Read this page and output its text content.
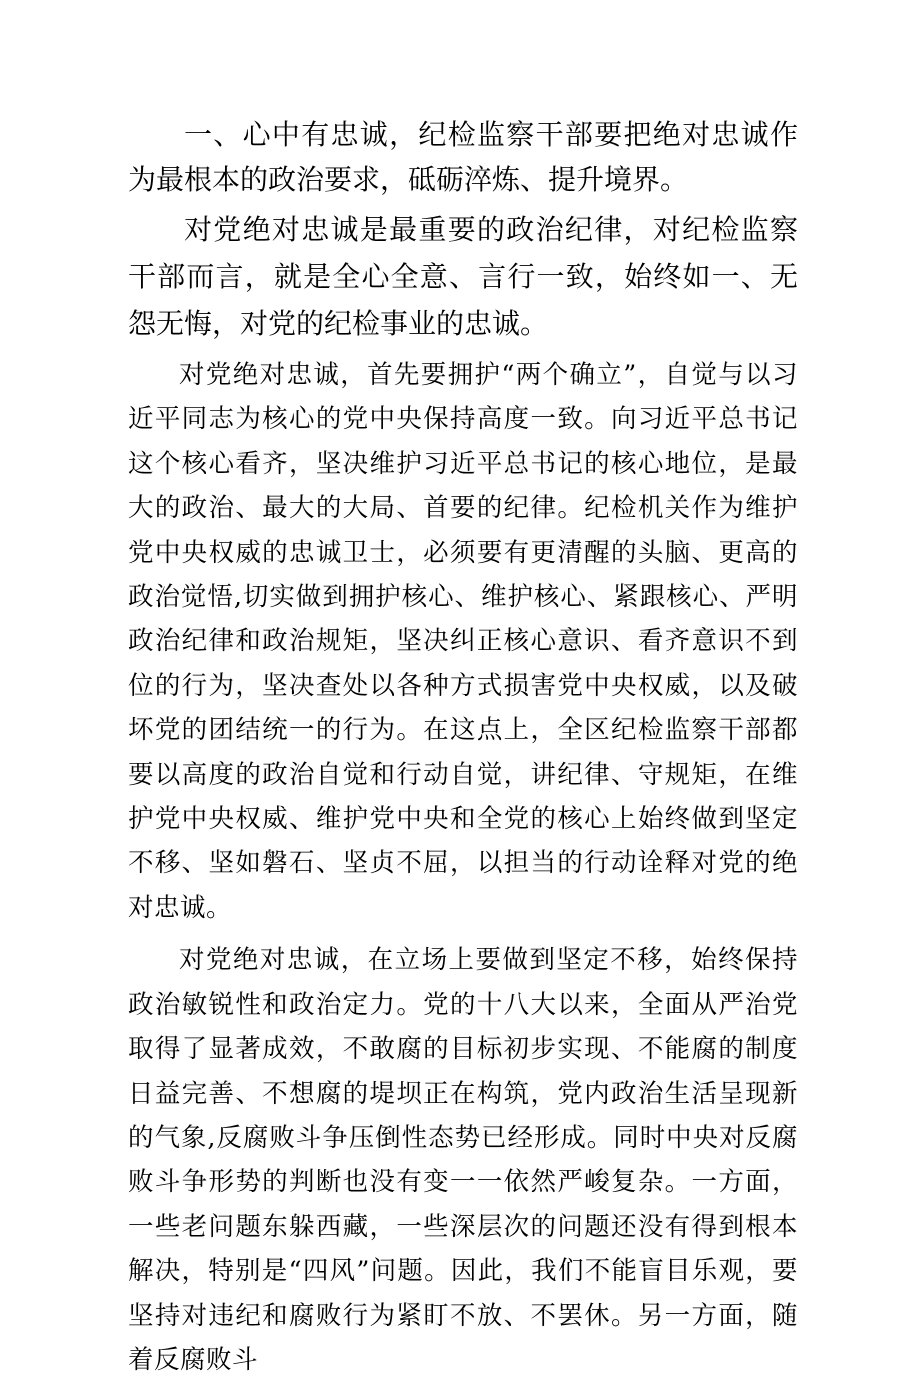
一、心中有忠诚，纪检监察干部要把绝对忠诚作为最根本的政治要求，砥砺淬炼、提升境界。

对党绝对忠诚是最重要的政治纪律，对纪检监察干部而言，就是全心全意、言行一致，始终如一、无怨无悔，对党的纪检事业的忠诚。

对党绝对忠诚，首先要拥护“两个确立”，自觉与以习近平同志为核心的党中央保持高度一致。向习近平总书记这个核心看齐，坚决维护习近平总书记的核心地位，是最大的政治、最大的大局、首要的纪律。纪检机关作为维护党中央权威的忠诚卫士，必须要有更清醒的头脑、更高的政治觉悟,切实做到拥护核心、维护核心、紧跟核心、严明政治纪律和政治规矩，坚决纠正核心意识、看齐意识不到位的行为，坚决查处以各种方式损害党中央权威，以及破坏党的团结统一的行为。在这点上，全区纪检监察干部都要以高度的政治自觉和行动自觉，讲纪律、守规矩，在维护党中央权威、维护党中央和全党的核心上始终做到坚定不移、坚如磐石、坚贞不屈，以担当的行动诠释对党的绝对忠诚。

对党绝对忠诚，在立场上要做到坚定不移，始终保持政治敏锐性和政治定力。党的十八大以来，全面从严治党取得了显著成效，不敢腐的目标初步实现、不能腐的制度日益完善、不想腐的堤坝正在构筑，党内政治生活呈现新的气象,反腐败斗争压倒性态势已经形成。同时中央对反腐败斗争形势的判断也没有变一一依然严峻复杂。一方面，一些老问题东躲西藏，一些深层次的问题还没有得到根本解决，特别是“四风”问题。因此，我们不能盲目乐观，要坚持对违纪和腐败行为紧盯不放、不罢休。另一方面，随着反腐败斗
